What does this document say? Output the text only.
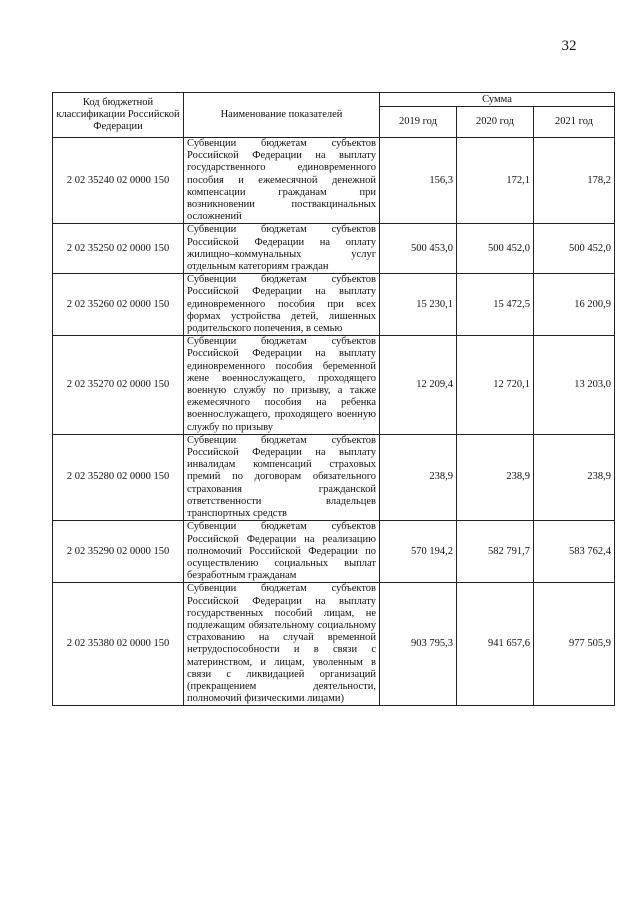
32
Код бюджетной классификации Российской Федерации	Наименование показателей	Сумма		
		2019 год	2020 год	2021 год
2 02 35240 02 0000 150	Субвенции бюджетам субъектов Российской Федерации на выплату государственного единовременного пособия и ежемесячной денежной компенсации гражданам при возникновении поствакцинальных осложнений	156,3	172,1	178,2
2 02 35250 02 0000 150	Субвенции бюджетам субъектов Российской Федерации на оплату жилищно–коммунальных услуг отдельным категориям граждан	500 453,0	500 452,0	500 452,0
2 02 35260 02 0000 150	Субвенции бюджетам субъектов Российской Федерации на выплату единовременного пособия при всех формах устройства детей, лишенных родительского попечения, в семью	15 230,1	15 472,5	16 200,9
2 02 35270 02 0000 150	Субвенции бюджетам субъектов Российской Федерации на выплату единовременного пособия беременной жене военнослужащего, проходящего военную службу по призыву, а также ежемесячного пособия на ребенка военнослужащего, проходящего военную службу по призыву	12 209,4	12 720,1	13 203,0
2 02 35280 02 0000 150	Субвенции бюджетам субъектов Российской Федерации на выплату инвалидам компенсаций страховых премий по договорам обязательного страхования гражданской ответственности владельцев транспортных средств	238,9	238,9	238,9
2 02 35290 02 0000 150	Субвенции бюджетам субъектов Российской Федерации на реализацию полномочий Российской Федерации по осуществлению социальных выплат безработным гражданам	570 194,2	582 791,7	583 762,4
2 02 35380 02 0000 150	Субвенции бюджетам субъектов Российской Федерации на выплату государственных пособий лицам, не подлежащим обязательному социальному страхованию на случай временной нетрудоспособности и в связи с материнством, и лицам, уволенным в связи с ликвидацией организаций (прекращением деятельности, полномочий физическими лицами)	903 795,3	941 657,6	977 505,9
